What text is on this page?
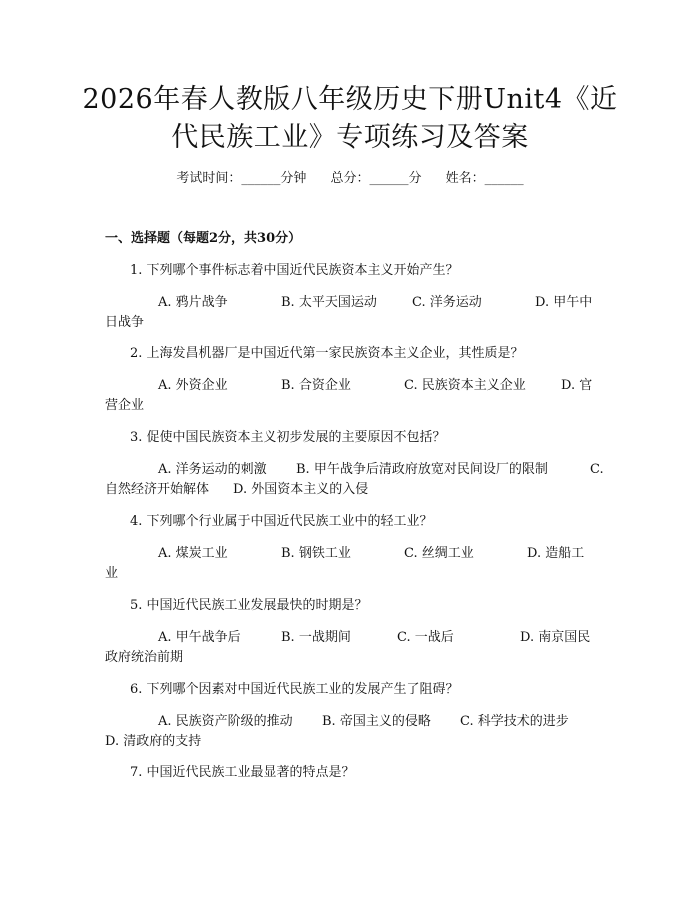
2026年春人教版八年级历史下册Unit4《近
代民族工业》专项练习及答案
考试时间：______分钟 总分：______分 姓名：______
一、选择题（每题2分，共30分）
1. 下列哪个事件标志着中国近代民族资本主义开始产生？
A. 鸦片战争	B. 太平天国运动	C. 洋务运动	D. 甲午中
日战争
2. 上海发昌机器厂是中国近代第一家民族资本主义企业，其性质是？
A. 外资企业	B. 合资企业	C. 民族资本主义企业	D. 官
营企业
3. 促使中国民族资本主义初步发展的主要原因不包括？
A. 洋务运动的刺激 B. 甲午战争后清政府放宽对民间设厂的限制	C.
自然经济开始解体 D. 外国资本主义的入侵
4. 下列哪个行业属于中国近代民族工业中的轻工业？
A. 煤炭工业	B. 钢铁工业	C. 丝绸工业	D. 造船工
业
5. 中国近代民族工业发展最快的时期是？
A. 甲午战争后	B. 一战期间	C. 一战后	D. 南京国民
政府统治前期
6. 下列哪个因素对中国近代民族工业的发展产生了阻碍？
A. 民族资产阶级的推动 B. 帝国主义的侵略 C. 科学技术的进步
D. 清政府的支持
7. 中国近代民族工业最显著的特点是？
